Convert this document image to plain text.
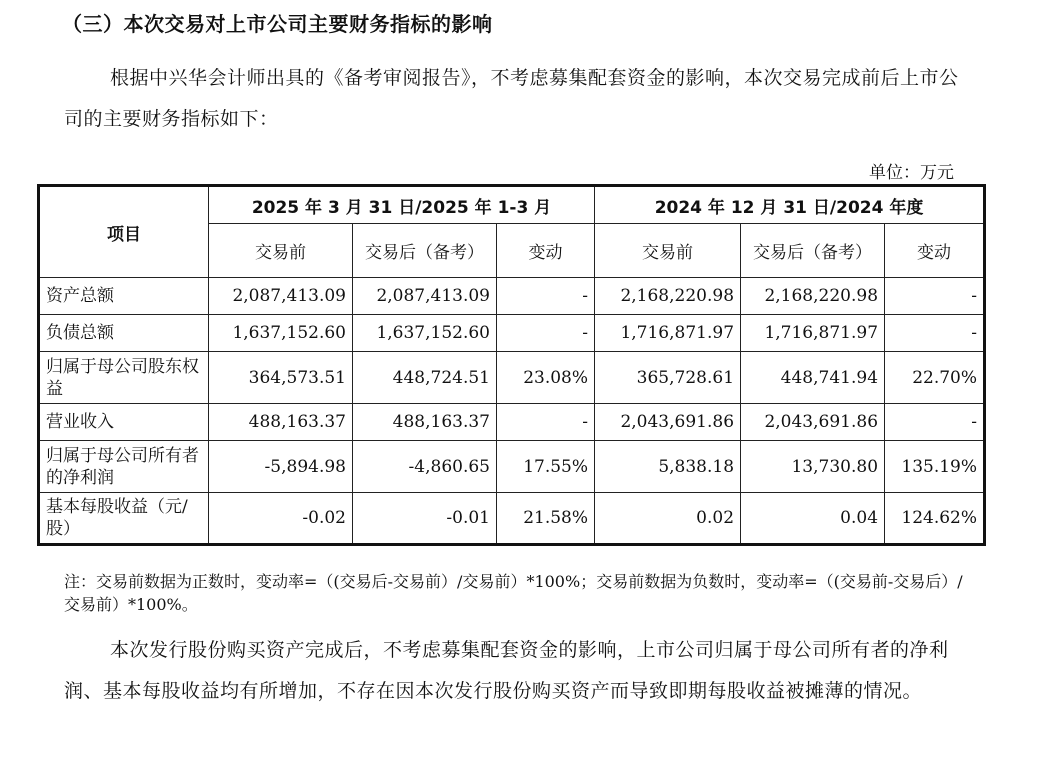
（三）本次交易对上市公司主要财务指标的影响
根据中兴华会计师出具的《备考审阅报告》，不考虑募集配套资金的影响，本次交易完成前后上市公司的主要财务指标如下：
单位：万元
项目	2025 年 3 月 31 日/2025 年 1-3 月			2024 年 12 月 31 日/2024 年度		
	交易前	交易后（备考）	变动	交易前	交易后（备考）	变动
资产总额	2,087,413.09	2,087,413.09	-	2,168,220.98	2,168,220.98	-
负债总额	1,637,152.60	1,637,152.60	-	1,716,871.97	1,716,871.97	-
归属于母公司股东权益	364,573.51	448,724.51	23.08%	365,728.61	448,741.94	22.70%
营业收入	488,163.37	488,163.37	-	2,043,691.86	2,043,691.86	-
归属于母公司所有者的净利润	-5,894.98	-4,860.65	17.55%	5,838.18	13,730.80	135.19%
基本每股收益（元/股）	-0.02	-0.01	21.58%	0.02	0.04	124.62%
注：交易前数据为正数时，变动率=（(交易后-交易前）/交易前）*100%；交易前数据为负数时，变动率=（(交易前-交易后）/交易前）*100%。
本次发行股份购买资产完成后，不考虑募集配套资金的影响，上市公司归属于母公司所有者的净利润、基本每股收益均有所增加，不存在因本次发行股份购买资产而导致即期每股收益被摊薄的情况。
